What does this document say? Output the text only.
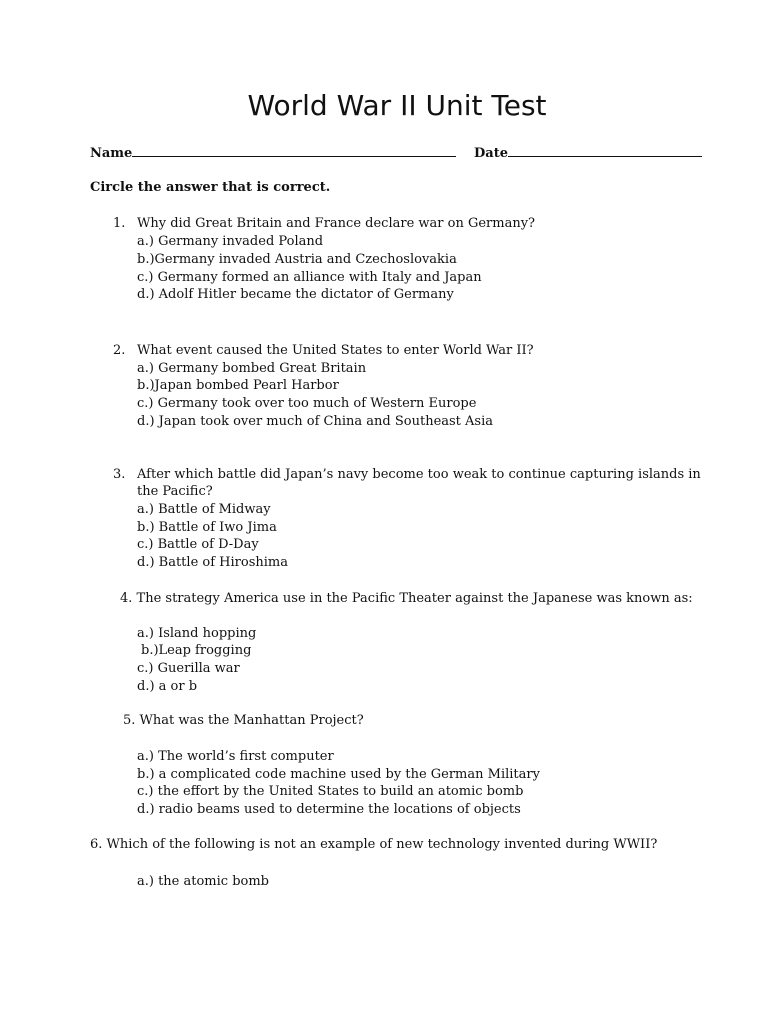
World War II Unit Test
Name	Date
Circle the answer that is correct.
1. Why did Great Britain and France declare war on Germany?
a.) Germany invaded Poland
b.)Germany invaded Austria and Czechoslovakia
c.) Germany formed an alliance with Italy and Japan
d.) Adolf Hitler became the dictator of Germany
2. What event caused the United States to enter World War II?
a.) Germany bombed Great Britain
b.)Japan bombed Pearl Harbor
c.) Germany took over too much of Western Europe
d.) Japan took over much of China and Southeast Asia
3. After which battle did Japan’s navy become too weak to continue capturing islands in
the Pacific?
a.) Battle of Midway
b.) Battle of Iwo Jima
c.) Battle of D-Day
d.) Battle of Hiroshima
4. The strategy America use in the Pacific Theater against the Japanese was known as:
a.) Island hopping
b.)Leap frogging
c.) Guerilla war
d.) a or b
5. What was the Manhattan Project?
a.) The world’s first computer
b.) a complicated code machine used by the German Military
c.) the effort by the United States to build an atomic bomb
d.) radio beams used to determine the locations of objects
6. Which of the following is not an example of new technology invented during WWII?
a.) the atomic bomb
